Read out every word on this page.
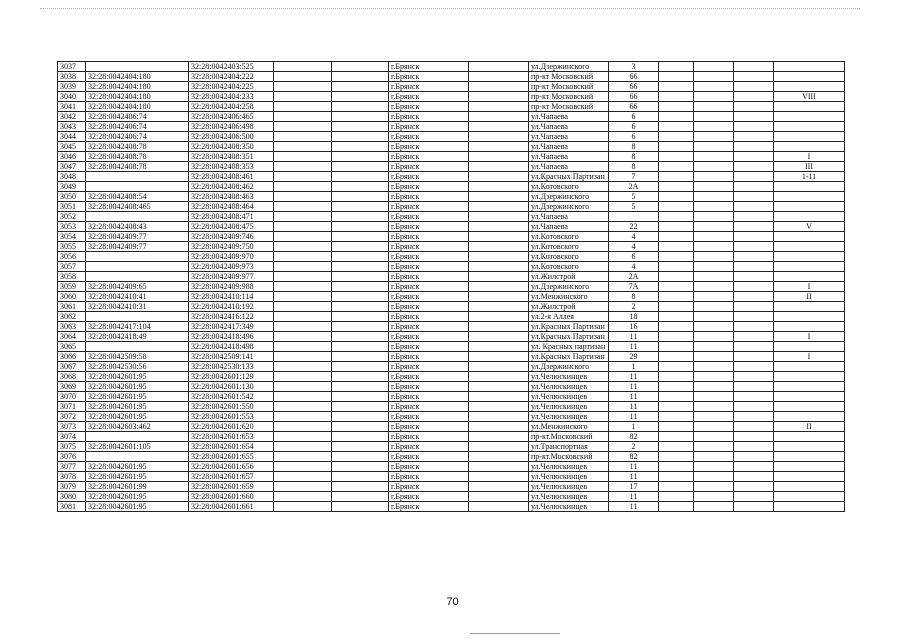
3037		32:28:0042403:525			г.Брянск		ул.Дзержинского	3				
3038	32:28:0042404:180	32:28:0042404:222			г.Брянск		пр-кт Московский	66				
3039	32:28:0042404:180	32:28:0042404:225			г.Брянск		пр-кт Московский	66				
3040	32:28:0042404:180	32:28:0042404:233			г.Брянск		пр-кт Московский	66				VIII
3041	32:28:0042404:180	32:28:0042404:258			г.Брянск		пр-кт Московский	66				
3042	32:28:0042406:74	32:28:0042406:465			г.Брянск		ул.Чапаева	6				
3043	32:28:0042406:74	32:28:0042406:498			г.Брянск		ул.Чапаева	6				
3044	32:28:0042406:74	32:28:0042406:500			г.Брянск		ул.Чапаева	6				
3045	32:28:0042408:78	32:28:0042408:350			г.Брянск		ул.Чапаева	8				
3046	32:28:0042408:78	32:28:0042408:351			г.Брянск		ул.Чапаева	8				I
3047	32:28:0042408:78	32:28:0042408:353			г.Брянск		ул.Чапаева	8				III
3048		32:28:0042408:461			г.Брянск		ул.Красных Партизан	7				1-11
3049		32:28:0042408:462			г.Брянск		ул.Котовского	2А				
3050	32:28:0042408:54	32:28:0042408:463			г.Брянск		ул.Дзержинского	5				
3051	32:28:0042408:465	32:28:0042408:464			г.Брянск		ул.Дзержинского	5				
3052		32:28:0042408:471			г.Брянск		ул.Чапаева					
3053	32:28:0042408:43	32:28:0042408:475			г.Брянск		ул.Чапаева	22				V
3054	32:28:0042409:77	32:28:0042409:746			г.Брянск		ул.Котовского	4				
3055	32:28:0042409:77	32:28:0042409:750			г.Брянск		ул.Котовского	4				
3056		32:28:0042409:970			г.Брянск		ул.Котовского	6				
3057		32:28:0042409:973			г.Брянск		ул.Котовского	4				
3058		32:28:0042409:977			г.Брянск		ул.Жилстрой	2А				
3059	32:28:0042409:65	32:28:0042409:988			г.Брянск		ул.Дзержинского	7А				I
3060	32:28:0042410:41	32:28:0042410:114			г.Брянск		ул.Менжинского	8				II
3061	32:28:0042410:31	32:28:0042410:192			г.Брянск		ул.Жилстрой	2				
3062		32:28:0042416:122			г.Брянск		ул.2-я Аллея	18				
3063	32:28:0042417:104	32:28:0042417:349			г.Брянск		ул.Красных Партизан	16				
3064	32:28:0042418:49	32:28:0042418:496			г.Брянск		ул.Красных Партизан	11				I
3065		32:28:0042418:498			г.Брянск		ул. Красных партизан	11				
3066	32:28:0042509:58	32:28:0042509:141			г.Брянск		ул.Красных Партизан	29				I
3067	32:28:0042530:56	32:28:0042530:133			г.Брянск		ул.Дзержинского	1				
3068	32:28:0042601:95	32:28:0042601:129			г.Брянск		ул.Челюскинцев	11				
3069	32:28:0042601:95	32:28:0042601:130			г.Брянск		ул.Челюскинцев	11				
3070	32:28:0042601:95	32:28:0042601:542			г.Брянск		ул.Челюскинцев	11				
3071	32:28:0042601:95	32:28:0042601:550			г.Брянск		ул.Челюскинцев	11				
3072	32:28:0042601:95	32:28:0042601:553			г.Брянск		ул.Челюскинцев	11				
3073	32:28:0042603:462	32:28:0042601:620			г.Брянск		ул.Менжинского	1				II
3074		32:28:0042601:653			г.Брянск		пр-кт.Московский	82				
3075	32:28:0042601:105	32:28:0042601:654			г.Брянск		ул.Транспортная	2				
3076		32:28:0042601:655			г.Брянск		пр-кт.Московский	82				
3077	32:28:0042601:95	32:28:0042601:656			г.Брянск		ул.Челюскинцев	11				
3078	32:28:0042601:95	32:28:0042601:657			г.Брянск		ул.Челюскинцев	11				
3079	32:28:0042601:99	32:28:0042601:659			г.Брянск		ул.Челюскинцев	17				
3080	32:28:0042601:95	32:28:0042601:660			г.Брянск		ул.Челюскинцев	11				
3081	32:28:0042601:95	32:28:0042601:661			г.Брянск		ул.Челюскинцев	11				
70
